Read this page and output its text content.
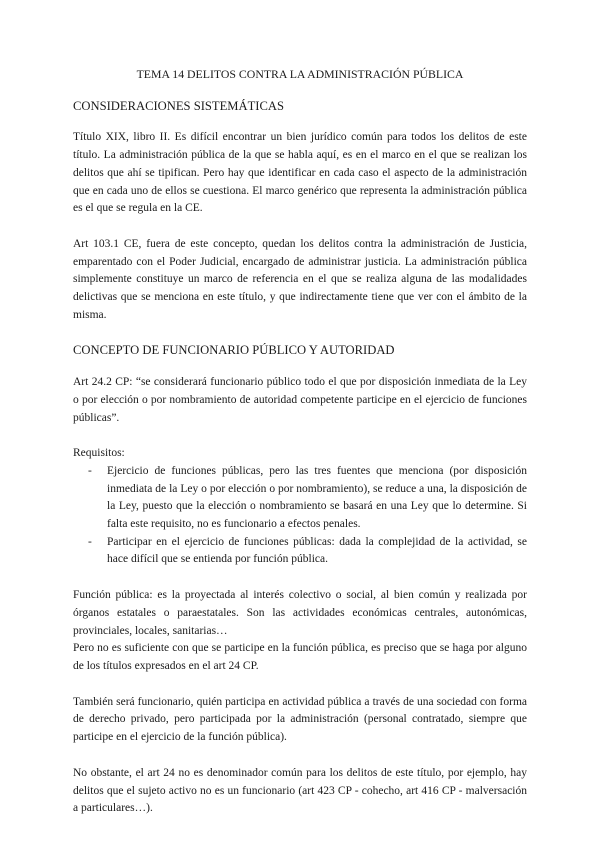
TEMA 14 DELITOS CONTRA LA ADMINISTRACIÓN PÚBLICA

CONSIDERACIONES SISTEMÁTICAS

Título XIX, libro II. Es difícil encontrar un bien jurídico común para todos los delitos de este título. La administración pública de la que se habla aquí, es en el marco en el que se realizan los delitos que ahí se tipifican. Pero hay que identificar en cada caso el aspecto de la administración que en cada uno de ellos se cuestiona. El marco genérico que representa la administración pública es el que se regula en la CE.

Art 103.1 CE, fuera de este concepto, quedan los delitos contra la administración de Justicia, emparentado con el Poder Judicial, encargado de administrar justicia. La administración pública simplemente constituye un marco de referencia en el que se realiza alguna de las modalidades delictivas que se menciona en este título, y que indirectamente tiene que ver con el ámbito de la misma.

CONCEPTO DE FUNCIONARIO PÚBLICO Y AUTORIDAD

Art 24.2 CP: “se considerará funcionario público todo el que por disposición inmediata de la Ley o por elección o por nombramiento de autoridad competente participe en el ejercicio de funciones públicas”.

Requisitos:

- Ejercicio de funciones públicas, pero las tres fuentes que menciona (por disposición inmediata de la Ley o por elección o por nombramiento), se reduce a una, la disposición de la Ley, puesto que la elección o nombramiento se basará en una Ley que lo determine. Si falta este requisito, no es funcionario a efectos penales.
- Participar en el ejercicio de funciones públicas: dada la complejidad de la actividad, se hace difícil que se entienda por función pública.

Función pública: es la proyectada al interés colectivo o social, al bien común y realizada por órganos estatales o paraestatales. Son las actividades económicas centrales, autonómicas, provinciales, locales, sanitarias…

Pero no es suficiente con que se participe en la función pública, es preciso que se haga por alguno de los títulos expresados en el art 24 CP.

También será funcionario, quién participa en actividad pública a través de una sociedad con forma de derecho privado, pero participada por la administración (personal contratado, siempre que participe en el ejercicio de la función pública).

No obstante, el art 24 no es denominador común para los delitos de este título, por ejemplo, hay delitos que el sujeto activo no es un funcionario (art 423 CP - cohecho, art 416 CP - malversación a particulares…).
